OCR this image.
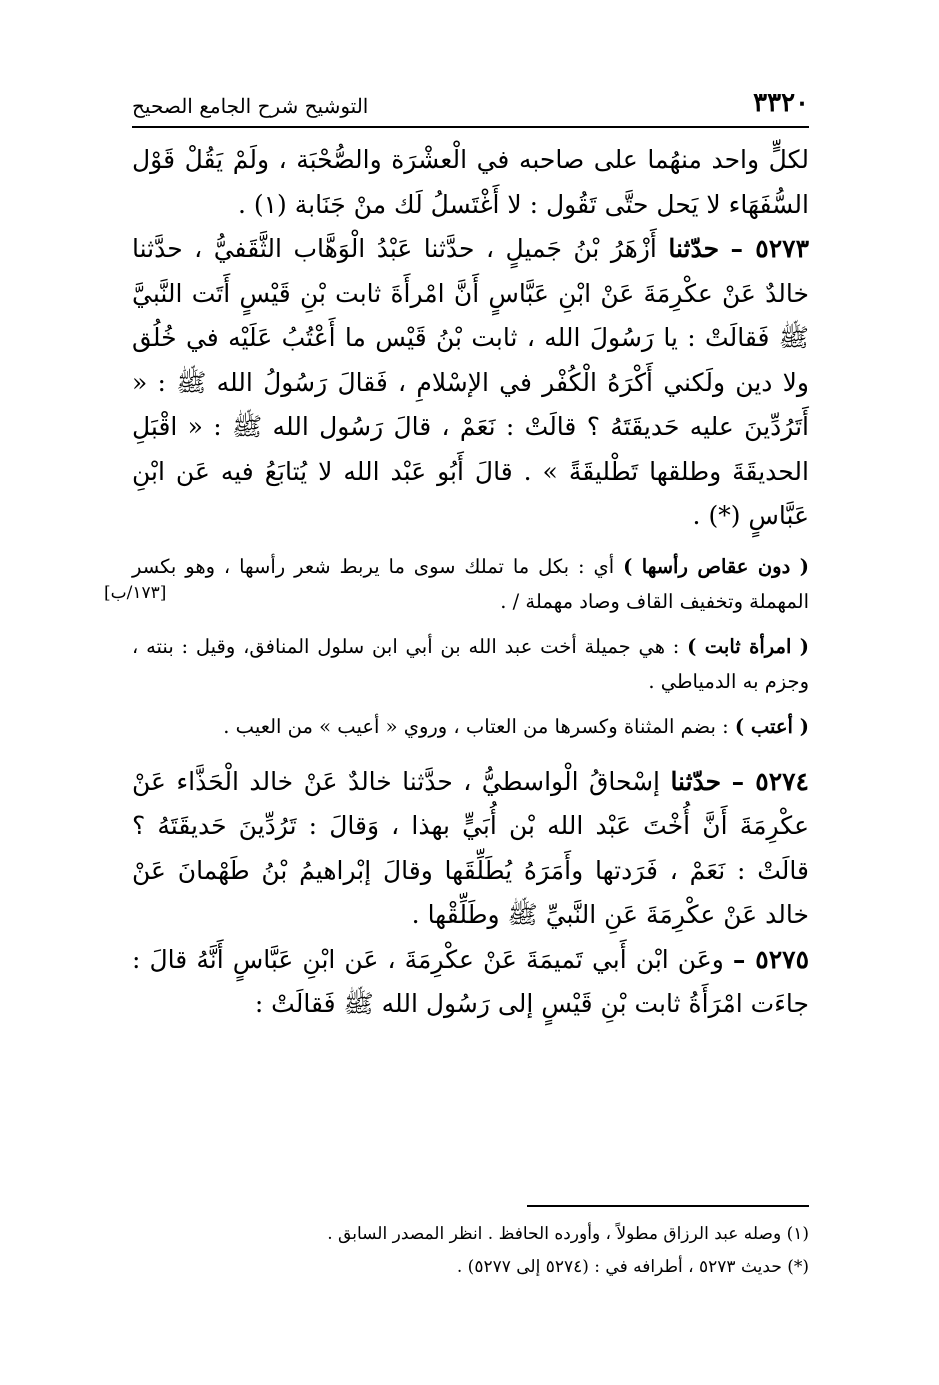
٣٣٢٠
التوشيح شرح الجامع الصحيح

لكلٍّ واحد منهُما على صاحبه في الْعشْرَة والصُّحْبَة ، ولَمْ يَقُلْ قَوْل السُّفَهَاء لا يَحل حتَّى تَقُول : لا أَغْتَسلُ لَك منْ جَنَابة (١) .

٥٢٧٣ – حدّثنا أَزْهَرُ بْنُ جَميلٍ ، حدَّثنا عَبْدُ الْوَهَّاب الثَّقَفيُّ ، حدَّثنا خالدٌ عَنْ عكْرِمَةَ عَنْ ابْنِ عَبَّاسٍ أَنَّ امْرأَةَ ثابت بْنِ قَيْسٍ أَتَت النَّبيَّ ﷺ فَقالَتْ : يا رَسُولَ الله ، ثابت بْنُ قَيْس ما أَعْتُبُ عَلَيْه في خُلُق ولا دين ولَكني أَكْرَهُ الْكُفْر في الإسْلامِ ، فَقالَ رَسُولُ الله ﷺ : « أَتَرُدِّينَ عليه حَديقَتَهُ ؟ قالَتْ : نَعَمْ ، قالَ رَسُول الله ﷺ : « اقْبَلِ الحديقَةَ وطلقها تَطْليقَةً » . قالَ أَبُو عَبْد الله لا يُتابَعُ فيه عَن ابْنِ عَبَّاسٍ (*) .

( دون عقاص رأسها ) أي : بكل ما تملك سوى ما يربط شعر رأسها ، وهو بكسر المهملة وتخفيف القاف وصاد مهملة / .

[١٧٣/ب]

( امرأة ثابت ) : هي جميلة أخت عبد الله بن أبي ابن سلول المنافق، وقيل : بنته ، وجزم به الدمياطي .

( أعتب ) : بضم المثناة وكسرها من العتاب ، وروي « أعيب » من العيب .

٥٢٧٤ – حدّثنا إسْحاقُ الْواسطيُّ ، حدَّثنا خالدٌ عَنْ خالد الْحَذَّاء عَنْ عكْرِمَةَ أَنَّ أُخْتَ عَبْد الله بْن أُبَيٍّ بهذا ، وَقالَ : تَرُدِّينَ حَديقَتَهُ ؟ قالَتْ : نَعَمْ ، فَرَدتها وأَمَرَهُ يُطَلِّقَها وقالَ إبْراهيمُ بْنُ طَهْمانَ عَنْ خالد عَنْ عكْرِمَةَ عَنِ النَّبيِّ ﷺ وطَلِّقْها .

٥٢٧٥ – وعَن ابْن أَبي تَميمَةَ عَنْ عكْرِمَةَ ، عَن ابْنِ عَبَّاسٍ أَنَّهُ قالَ : جاءَت امْرَأَةُ ثابت بْنِ قَيْسٍ إلى رَسُول الله ﷺ فَقالَتْ :

(١) وصله عبد الرزاق مطولاً ، وأورده الحافظ . انظر المصدر السابق .

(*) حديث ٥٢٧٣ ، أطرافه في : (٥٢٧٤ إلى ٥٢٧٧) .
